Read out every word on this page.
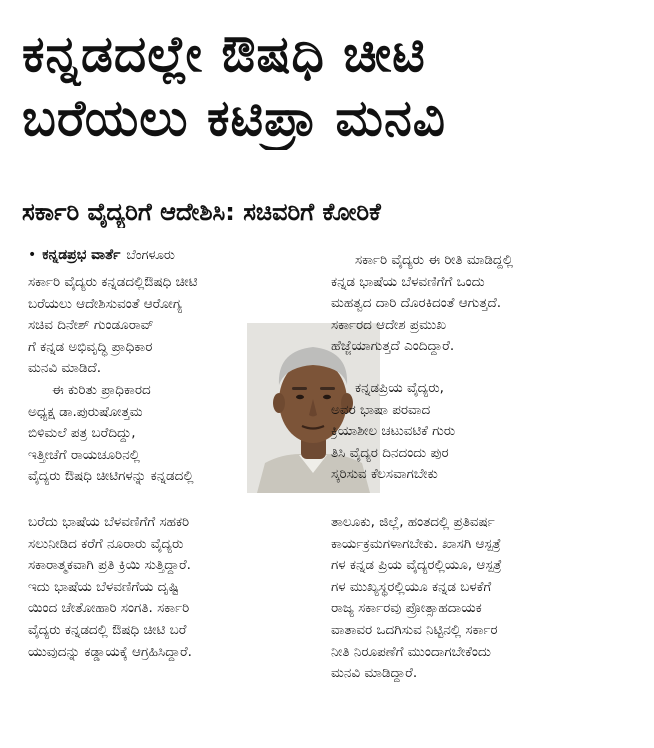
ಕನ್ನಡದಲ್ಲೇ ಔಷಧಿ ಚೀಟಿ
ಬರೆಯಲು ಕಟಿಪ್ರಾ ಮನವಿ
ಸರ್ಕಾರಿ ವೈದ್ಯರಿಗೆ ಆದೇಶಿಸಿ: ಸಚಿವರಿಗೆ ಕೋರಿಕೆ
• ಕನ್ನಡಪ್ರಭ ವಾರ್ತೆ ಬೆಂಗಳೂರು
ಸರ್ಕಾರಿ ವೈದ್ಯರು ಕನ್ನಡದಲ್ಲಿಔಷಧಿ ಚೀಟಿ
ಬರೆಯಲು ಆದೇಶಿಸುವಂತೆ ಆರೋಗ್ಯ
ಸಚಿವ ದಿನೇಶ್ ಗುಂಡೂರಾವ್
ಗೆ ಕನ್ನಡ ಅಭಿವೃದ್ಧಿ ಪ್ರಾಧಿಕಾರ
ಮನವಿ ಮಾಡಿದೆ.
ಈ ಕುರಿತು ಪ್ರಾಧಿಕಾರದ
ಅಧ್ಯಕ್ಷ ಡಾ.ಪುರುಷೋತ್ತಮ
ಬಿಳಿಮಲೆ ಪತ್ರ ಬರೆದಿದ್ದು,
ಇತ್ತೀಚೆಗೆ ರಾಯಚೂರಿನಲ್ಲಿ
ವೈದ್ಯರು ಔಷಧಿ ಚೀಟಿಗಳನ್ನು ಕನ್ನಡದಲ್ಲಿ
ಬರೆದು ಭಾಷೆಯ ಬೆಳವಣಿಗೆಗೆ ಸಹಕರಿ
ಸಲುನೀಡಿದ ಕರೆಗೆ ನೂರಾರು ವೈದ್ಯರು
ಸಕಾರಾತ್ಮಕವಾಗಿ ಪ್ರತಿ ಕ್ರಿಯಿ ಸುತ್ತಿದ್ದಾರೆ.
ಇದು ಭಾಷೆಯ ಬೆಳವಣಿಗೆಯ ದೃಷ್ಟಿ
ಯಿಂದ ಚೇತೋಹಾರಿ ಸಂಗತಿ. ಸರ್ಕಾರಿ
ವೈದ್ಯರು ಕನ್ನಡದಲ್ಲಿ ಔಷಧಿ ಚೀಟಿ ಬರೆ
ಯುವುದನ್ನು ಕಡ್ಡಾಯಕ್ಕೆ ಆಗ್ರಹಿಸಿದ್ದಾರೆ.
ಸರ್ಕಾರಿ ವೈದ್ಯರು ಈ ರೀತಿ ಮಾಡಿದ್ದಲ್ಲಿ
ಕನ್ನಡ ಭಾಷೆಯ ಬೆಳವಣಿಗೆಗೆ ಒಂದು
ಮಹತ್ವದ ದಾರಿ ದೊರಕಿದಂತೆ ಆಗುತ್ತದೆ.
ಸರ್ಕಾರದ ಆದೇಶ ಪ್ರಮುಖ
ಹೆಜ್ಜೆಯಾಗುತ್ತದೆ ಎಂದಿದ್ದಾರೆ.
ಕನ್ನಡಪ್ರಿಯ ವೈದ್ಯರು,
ಅವರ ಭಾಷಾ ಪರವಾದ
ಕ್ರಿಯಾಶೀಲ ಚಟುವಟಿಕೆ ಗುರು
ತಿಸಿ ವೈದ್ಯರ ದಿನದಂದು ಪುರ
ಸ್ಕರಿಸುವ ಕೆಲಸವಾಗಬೇಕು
ತಾಲೂಕು, ಜಿಲ್ಲೆ, ಹಂತದಲ್ಲಿ ಪ್ರತಿವರ್ಷ
ಕಾರ್ಯಕ್ರಮಗಳಾಗಬೇಕು. ಖಾಸಗಿ ಆಸ್ಪತ್ರೆ
ಗಳ ಕನ್ನಡ ಪ್ರಿಯ ವೈದ್ಯರಲ್ಲಿಯೂ, ಆಸ್ಪತ್ರೆ
ಗಳ ಮುಖ್ಯಸ್ಥರಲ್ಲಿಯೂ ಕನ್ನಡ ಬಳಕೆಗೆ
ರಾಜ್ಯ ಸರ್ಕಾರವು ಪ್ರೋತ್ಸಾಹದಾಯಕ
ವಾತಾವರ ಒದಗಿಸುವ ನಿಟ್ಟಿನಲ್ಲಿ ಸರ್ಕಾರ
ನೀತಿ ನಿರೂಪಣೆಗೆ ಮುಂದಾಗಬೇಕೆಂದು
ಮನವಿ ಮಾಡಿದ್ದಾರೆ.
